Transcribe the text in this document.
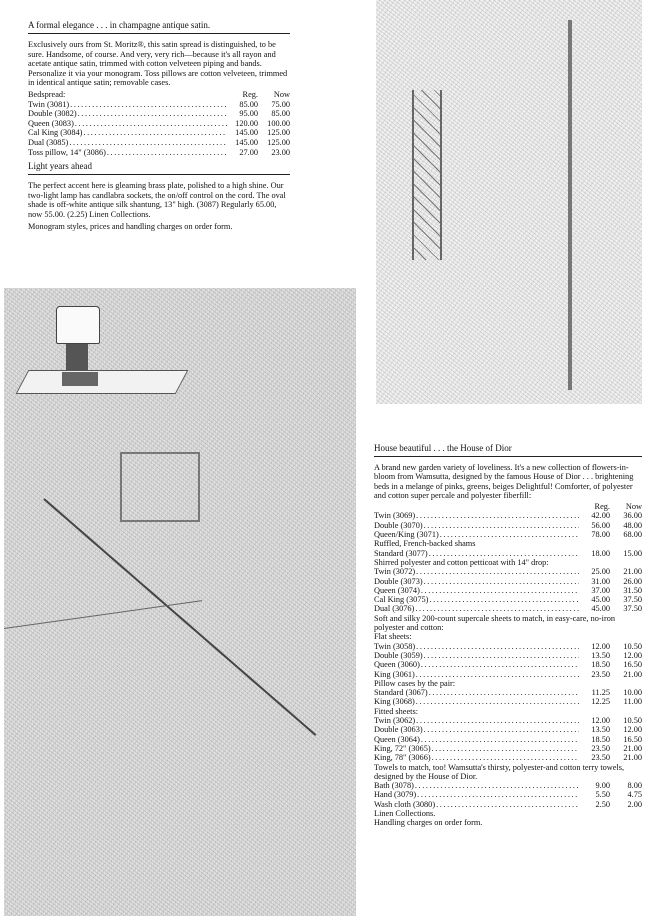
A formal elegance . . . in champagne antique satin.
Exclusively ours from St. Moritz®, this satin spread is distinguished, to be sure. Handsome, of course. And very, very rich—because it's all rayon and acetate antique satin, trimmed with cotton velveteen piping and bands. Personalize it via your monogram. Toss pillows are cotton velveteen, trimmed in identical antique satin; removable cases.
Bedspread:	Reg.	Now
Twin (3081) .....	85.00	75.00
Double (3082) .....	95.00	85.00
Queen (3083) .....	120.00	100.00
Cal King (3084) .....	145.00	125.00
Dual (3085) .....	145.00	125.00
Toss pillow, 14" (3086) .....	27.00	23.00
Light years ahead
The perfect accent here is gleaming brass plate, polished to a high shine. Our two-light lamp has candlabra sockets, the on/off control on the cord. The oval shade is off-white antique silk shantung, 13" high. (3087) Regularly 65.00, now 55.00. (2.25) Linen Collections.
Monogram styles, prices and handling charges on order form.
House beautiful . . . the House of Dior
A brand new garden variety of loveliness. It's a new collection of flowers-in-bloom from Wamsutta, designed by the famous House of Dior . . . brightening beds in a melange of pinks, greens, beiges Delightful! Comforter, of polyester and cotton super percale and polyester fiberfill:
Reg.	Now
Twin (3069) .....	42.00	36.00
Double (3070) .....	56.00	48.00
Queen/King (3071) .....	78.00	68.00
Ruffled, French-backed shams
Standard (3077) .....	18.00	15.00
Shirred polyester and cotton petticoat with 14" drop:
Twin (3072) .....	25.00	21.00
Double (3073) .....	31.00	26.00
Queen (3074) .....	37.00	31.50
Cal King (3075) .....	45.00	37.50
Dual (3076) .....	45.00	37.50
Soft and silky 200-count supercale sheets to match, in easy-care, no-iron polyester and cotton:
Flat sheets:
Twin (3058) .....	12.00	10.50
Double (3059) .....	13.50	12.00
Queen (3060) .....	18.50	16.50
King (3061) .....	23.50	21.00
Pillow cases by the pair:
Standard (3067) .....	11.25	10.00
King (3068) .....	12.25	11.00
Fitted sheets:
Twin (3062) .....	12.00	10.50
Double (3063) .....	13.50	12.00
Queen (3064) .....	18.50	16.50
King, 72" (3065) .....	23.50	21.00
King, 78" (3066) .....	23.50	21.00
Towels to match, too! Wamsutta's thirsty, polyester-and cotton terry towels, designed by the House of Dior.
Bath (3078) .....	9.00	8.00
Hand (3079) .....	5.50	4.75
Wash cloth (3080) .....	2.50	2.00
Linen Collections.
Handling charges on order form.
